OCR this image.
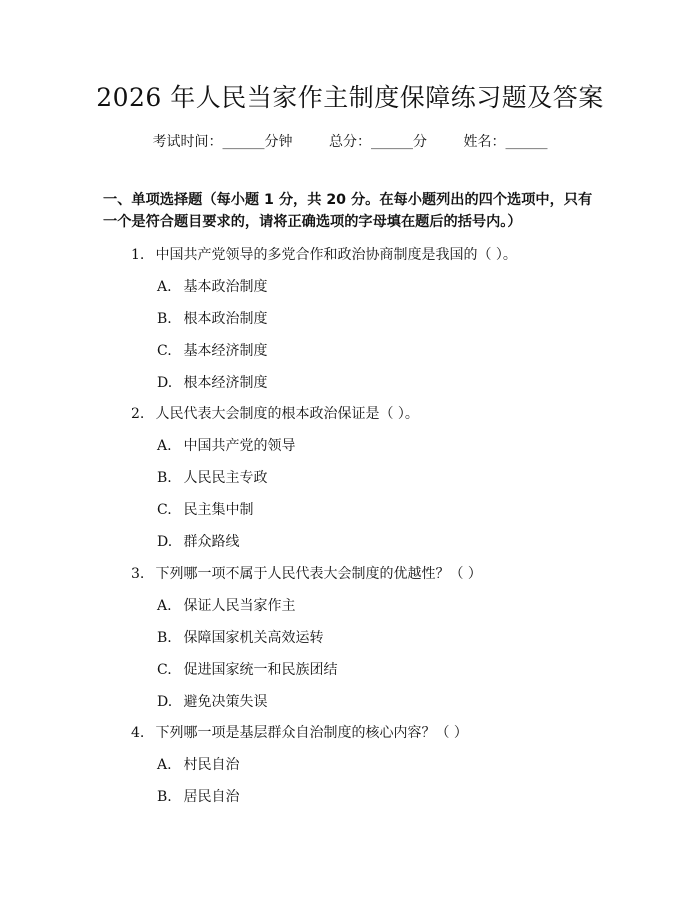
2026 年人民当家作主制度保障练习题及答案
考试时间：______分钟	总分：______分	姓名：______
一、单项选择题（每小题 1 分，共 20 分。在每小题列出的四个选项中，只有一个是符合题目要求的，请将正确选项的字母填在题后的括号内。）
1. 中国共产党领导的多党合作和政治协商制度是我国的（ ）。
A. 基本政治制度
B. 根本政治制度
C. 基本经济制度
D. 根本经济制度
2. 人民代表大会制度的根本政治保证是（ ）。
A. 中国共产党的领导
B. 人民民主专政
C. 民主集中制
D. 群众路线
3. 下列哪一项不属于人民代表大会制度的优越性？（ ）
A. 保证人民当家作主
B. 保障国家机关高效运转
C. 促进国家统一和民族团结
D. 避免决策失误
4. 下列哪一项是基层群众自治制度的核心内容？（ ）
A. 村民自治
B. 居民自治
